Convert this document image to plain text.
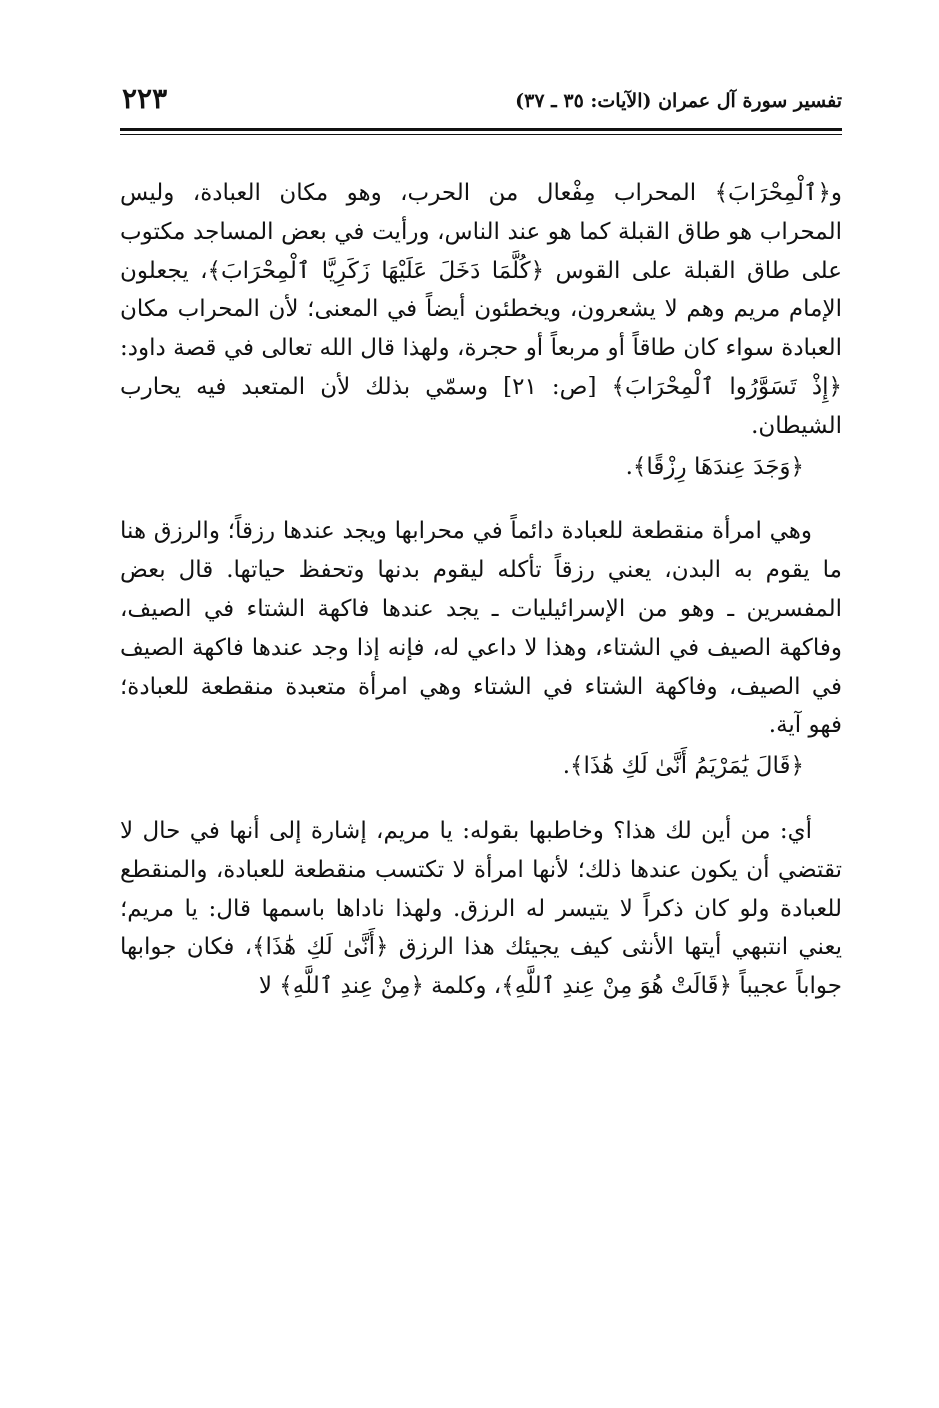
تفسير سورة آل عمران (الآيات: ٣٥ ـ ٣٧)
٢٢٣

و﴿ٱلْمِحْرَابَ﴾ المحراب مِفْعال من الحرب، وهو مكان العبادة، وليس المحراب هو طاق القبلة كما هو عند الناس، ورأيت في بعض المساجد مكتوب على طاق القبلة على القوس ﴿كُلَّمَا دَخَلَ عَلَيْهَا زَكَرِيَّا ٱلْمِحْرَابَ﴾، يجعلون الإمام مريم وهم لا يشعرون، ويخطئون أيضاً في المعنى؛ لأن المحراب مكان العبادة سواء كان طاقاً أو مربعاً أو حجرة، ولهذا قال الله تعالى في قصة داود: ﴿إِذْ تَسَوَّرُوا ٱلْمِحْرَابَ﴾ [ص: ٢١] وسمّي بذلك لأن المتعبد فيه يحارب الشيطان.

﴿وَجَدَ عِندَهَا رِزْقًا﴾.

وهي امرأة منقطعة للعبادة دائماً في محرابها ويجد عندها رزقاً؛ والرزق هنا ما يقوم به البدن، يعني رزقاً تأكله ليقوم بدنها وتحفظ حياتها. قال بعض المفسرين ـ وهو من الإسرائيليات ـ يجد عندها فاكهة الشتاء في الصيف، وفاكهة الصيف في الشتاء، وهذا لا داعي له، فإنه إذا وجد عندها فاكهة الصيف في الصيف، وفاكهة الشتاء في الشتاء وهي امرأة متعبدة منقطعة للعبادة؛ فهو آية.

﴿قَالَ يَٰمَرْيَمُ أَنَّىٰ لَكِ هَٰذَا﴾.

أي: من أين لك هذا؟ وخاطبها بقوله: يا مريم، إشارة إلى أنها في حال لا تقتضي أن يكون عندها ذلك؛ لأنها امرأة لا تكتسب منقطعة للعبادة، والمنقطع للعبادة ولو كان ذكراً لا يتيسر له الرزق. ولهذا ناداها باسمها قال: يا مريم؛ يعني انتبهي أيتها الأنثى كيف يجيئك هذا الرزق ﴿أَنَّىٰ لَكِ هَٰذَا﴾، فكان جوابها جواباً عجيباً ﴿قَالَتْ هُوَ مِنْ عِندِ ٱللَّهِ﴾، وكلمة ﴿مِنْ عِندِ ٱللَّهِ﴾ لا
